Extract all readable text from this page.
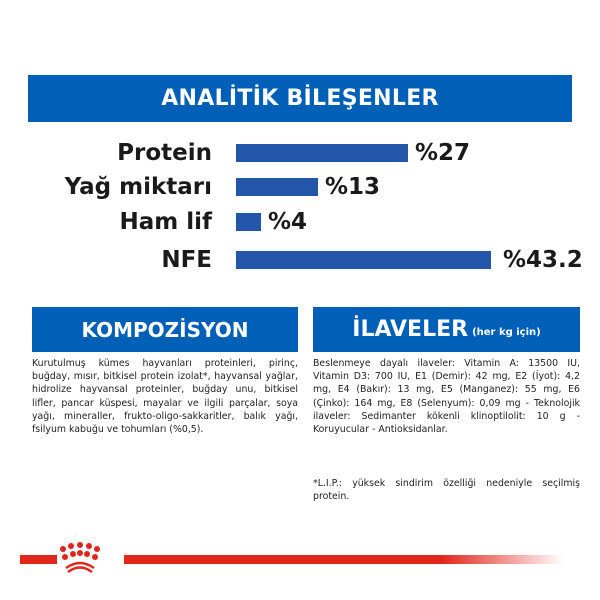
ANALİTİK BİLEŞENLER
Protein	%27
Yağ miktarı	%13
Ham lif %4
NFE	%43.2
KOMPOZİSYON
Kurutulmuş kümes hayvanları proteinleri, pirinç, buğday, mısır, bitkisel protein izolat*, hayvansal yağlar, hidrolize hayvansal proteinler, buğday unu, bitkisel lifler, pancar küspesi, mayalar ve ilgili parçalar, soya yağı, mineraller, frukto-oligo-sakkaritler, balık yağı, fsilyum kabuğu ve tohumları (%0,5).
İLAVELER (her kg için)
Beslenmeye dayalı ilaveler: Vitamin A: 13500 IU, Vitamin D3: 700 IU, E1 (Demir): 42 mg, E2 (İyot): 4,2 mg, E4 (Bakır): 13 mg, E5 (Manganez): 55 mg, E6 (Çinko): 164 mg, E8 (Selenyum): 0,09 mg - Teknolojik ilaveler: Sedimanter kökenli klinoptilolit: 10 g - Koruyucular - Antioksidanlar.
*L.I.P.: yüksek sindirim özelliği nedeniyle seçilmiş protein.
